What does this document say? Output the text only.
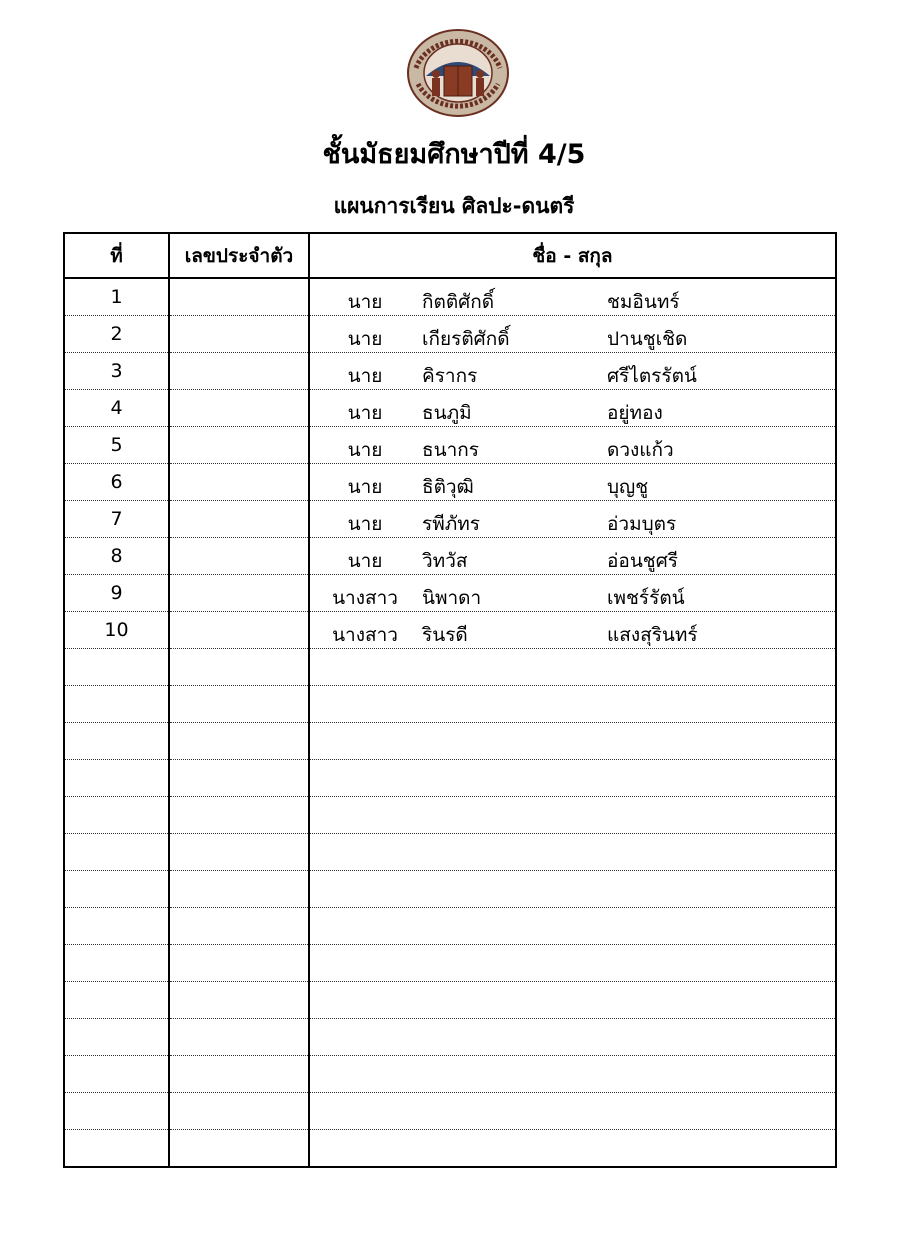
ชั้นมัธยมศึกษาปีที่ 4/5
แผนการเรียน ศิลปะ-ดนตรี
ที่	เลขประจำตัว	ชื่อ - สกุล
1		นาย กิตติศักดิ์ ชมอินทร์

2		นาย เกียรติศักดิ์ ปานชูเชิด

3		นาย คิรากร ศรีไตรรัตน์

4		นาย ธนภูมิ อยู่ทอง

5		นาย ธนากร ดวงแก้ว

6		นาย ธิติวุฒิ บุญชู

7		นาย รพีภัทร อ่วมบุตร

8		นาย วิทวัส อ่อนชูศรี

9		นางสาว นิพาดา เพชร์รัตน์

10		นางสาว รินรดี แสงสุรินทร์
